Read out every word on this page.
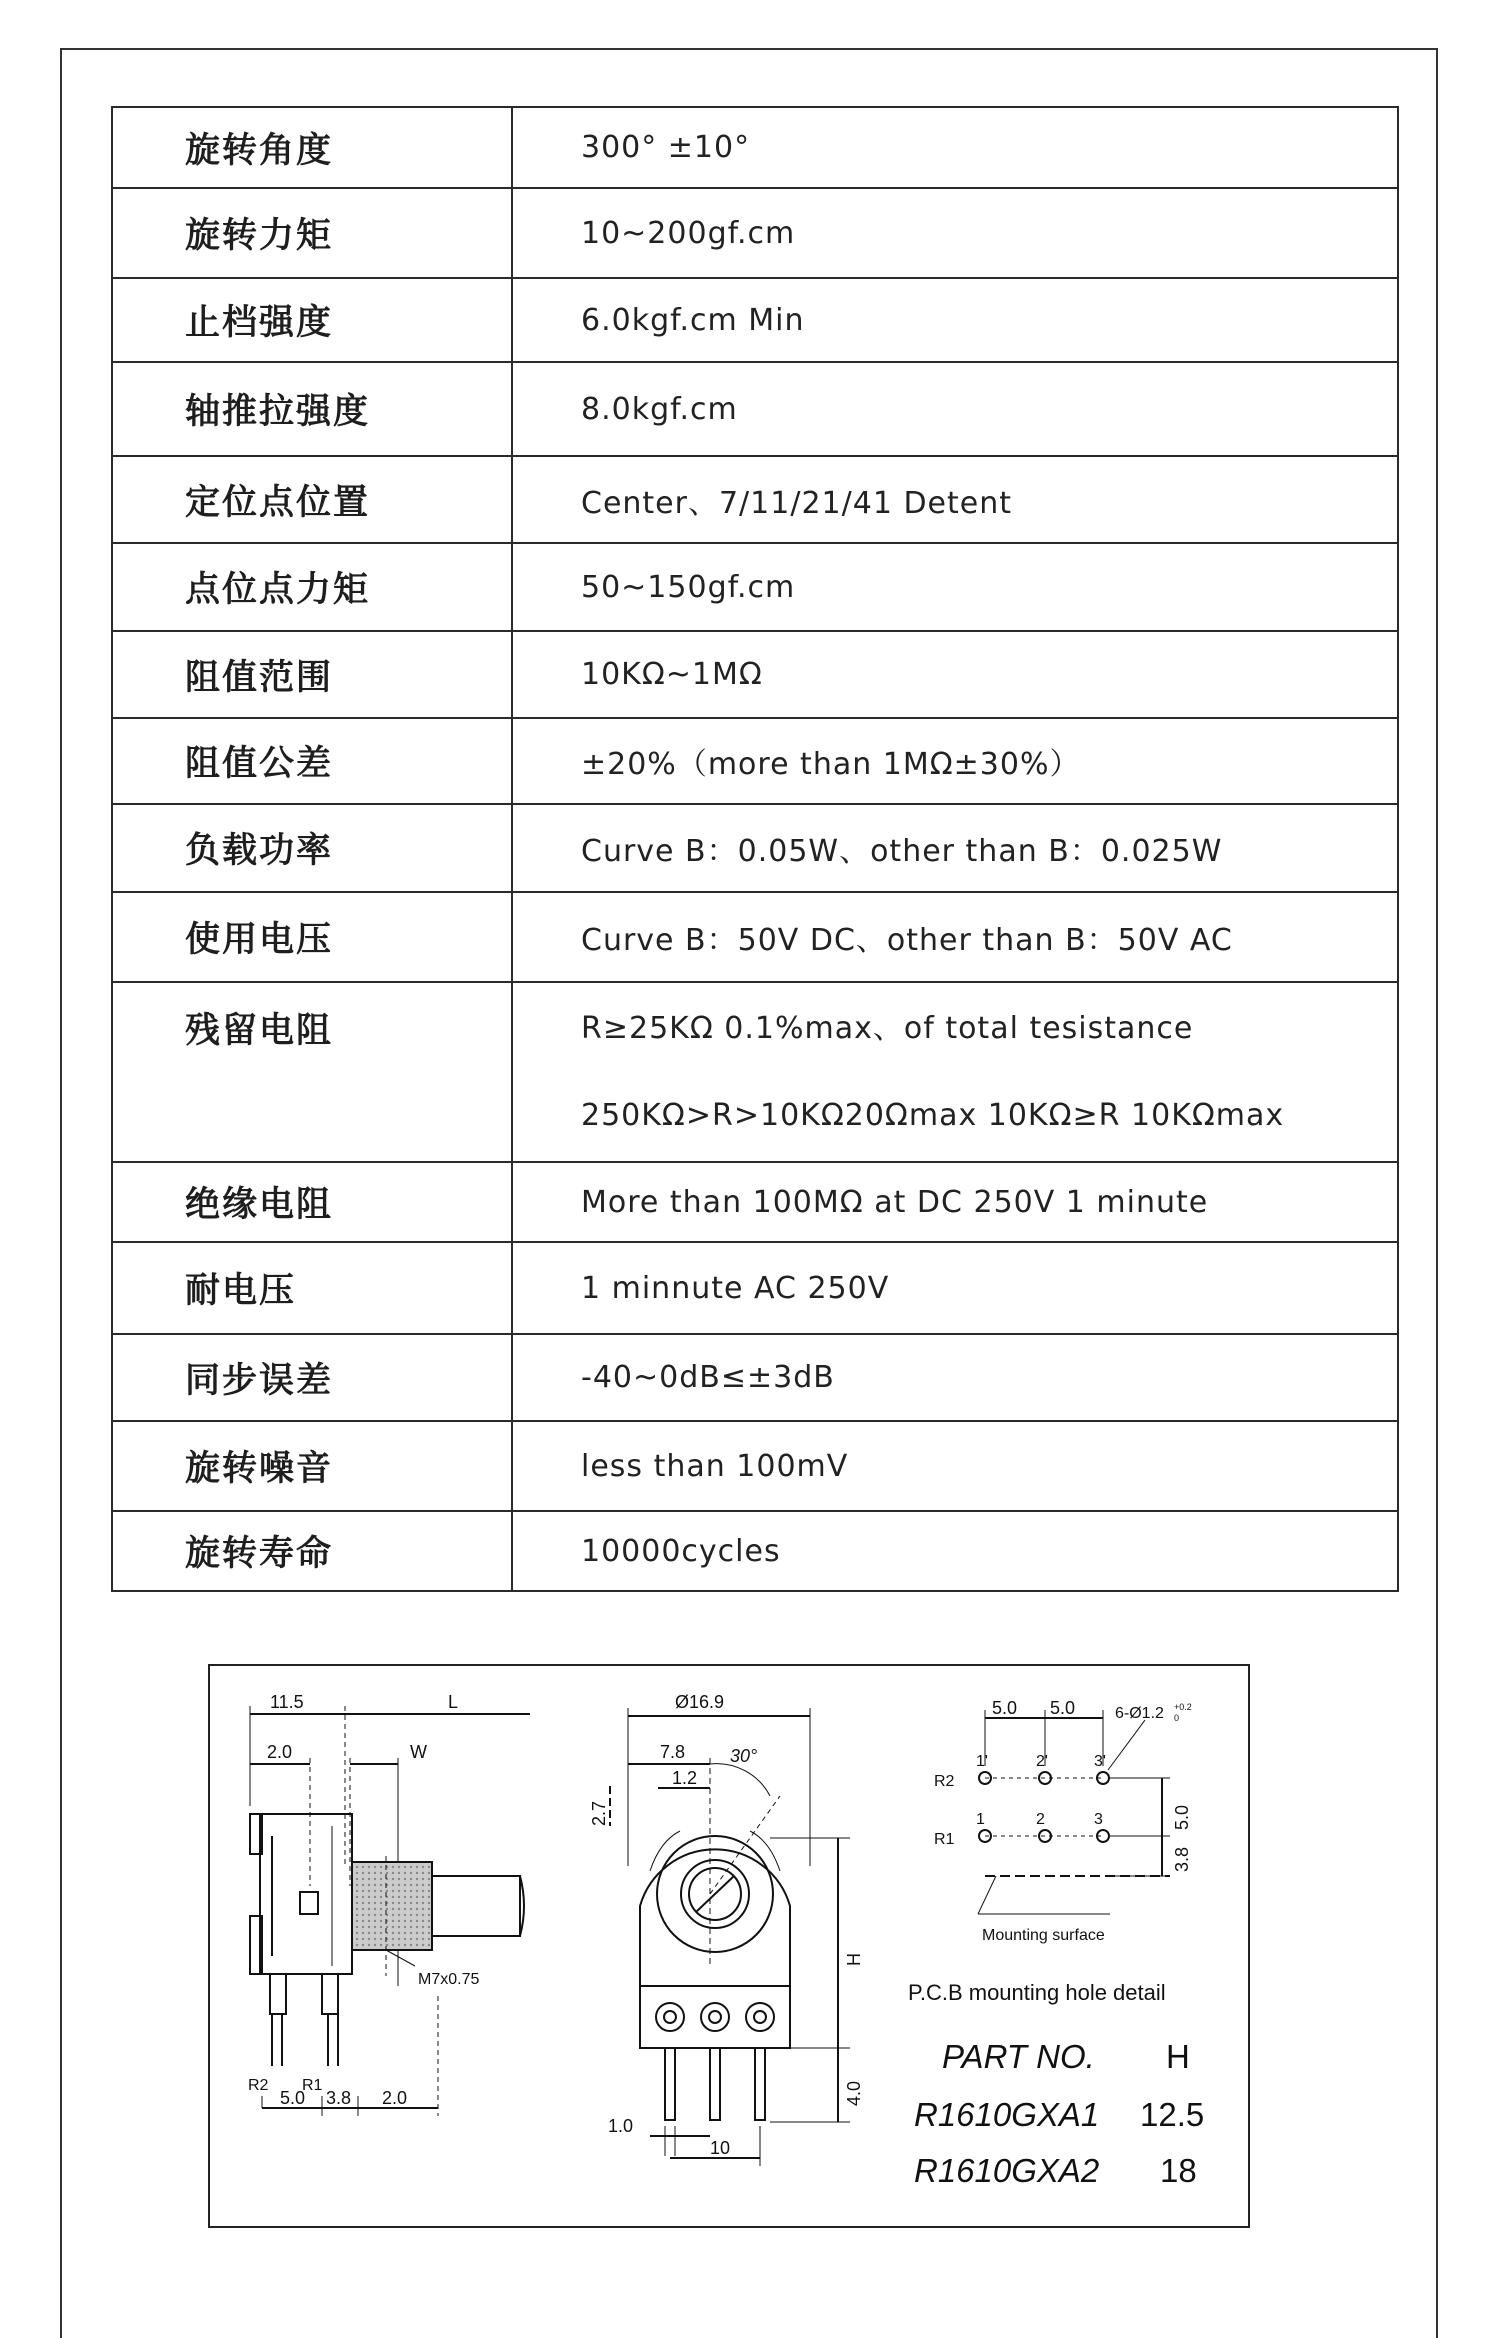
旋转角度	300° ±10°
旋转力矩	10~200gf.cm
止档强度	6.0kgf.cm Min
轴推拉强度	8.0kgf.cm
定位点位置	Center、7/11/21/41 Detent
点位点力矩	50~150gf.cm
阻值范围	10KΩ~1MΩ
阻值公差	±20%（more than 1MΩ±30%）
负载功率	Curve B：0.05W、other than B：0.025W
使用电压	Curve B：50V DC、other than B：50V AC
残留电阻	R≥25KΩ 0.1%max、of total tesistance
250KΩ>R>10KΩ20Ωmax 10KΩ≥R 10KΩmax

绝缘电阻	More than 100MΩ at DC 250V 1 minute
耐电压	1 minnute AC 250V
同步误差	-40~0dB≤±3dB
旋转噪音	less than 100mV
旋转寿命	10000cycles
11.5	L
2.0	W
M7x0.75
R2 R1
5.0 3.8 2.0
Ø16.9
7.8 30°
1.2
2.7
H
4.0
1.0
10
5.0 5.0 6-Ø1.2 +0.2
0
R2
R1
1'	2'	3'
1	2	3	5.0
3.8
Mounting surface
P.C.B mounting hole detail
PART NO. H
R1610GXA1 12.5
R1610GXA2 18
